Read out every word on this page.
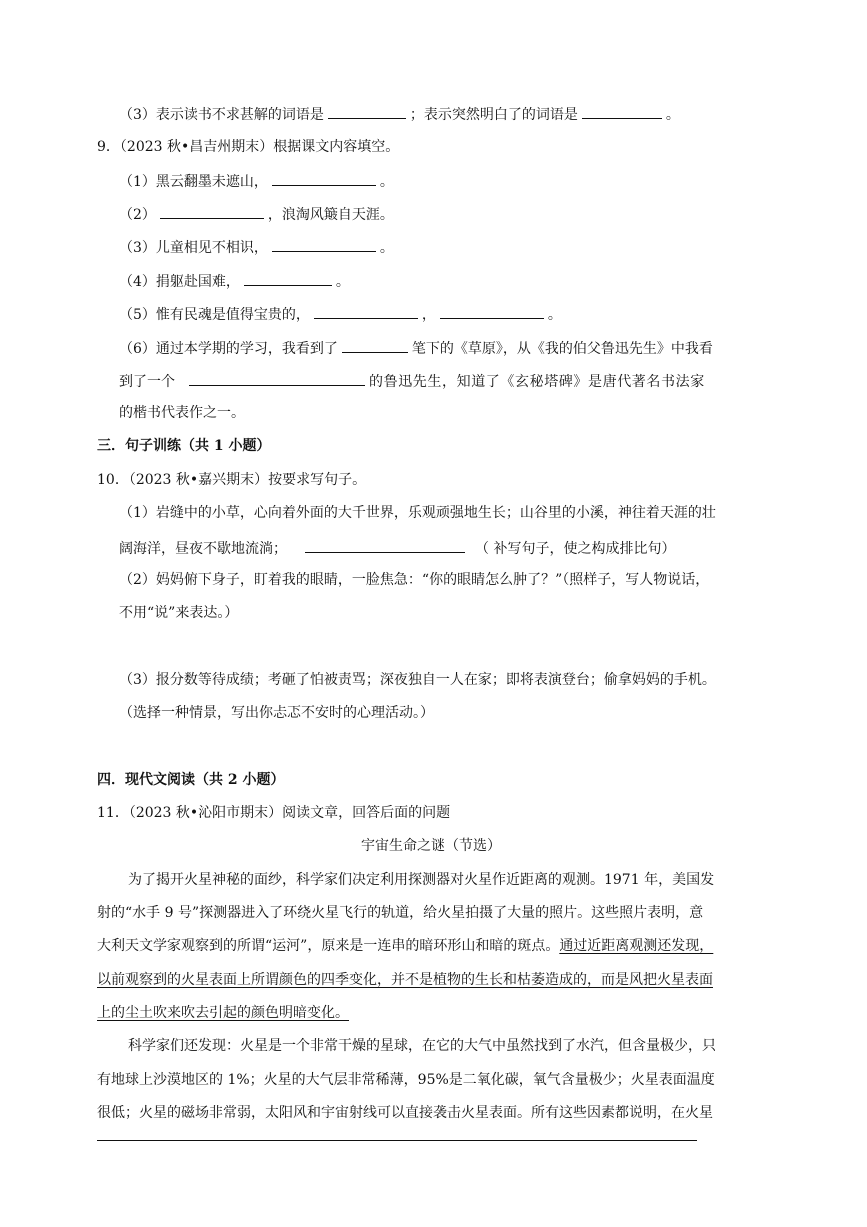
（3）表示读书不求甚解的词语是	；表示突然明白了的词语是	。
9．（2023 秋•昌吉州期末）根据课文内容填空。
（1）黑云翻墨未遮山，	。
（2）	，浪淘风簸自天涯。
（3）儿童相见不相识，	。
（4）捐躯赴国难，	。
（5）惟有民魂是值得宝贵的，	，	。
（6）通过本学期的学习，我看到了	笔下的《草原》，从《我的伯父鲁迅先生》中我看
到了一个	的鲁迅先生，知道了《玄秘塔碑》是唐代著名书法家
的楷书代表作之一。
三．句子训练（共 1 小题）
10．（2023 秋•嘉兴期末）按要求写句子。
（1）岩缝中的小草，心向着外面的大千世界，乐观顽强地生长；山谷里的小溪，神往着天涯的壮
阔海洋，昼夜不歇地流淌；	（ 补写句子，使之构成排比句）
（2）妈妈俯下身子，盯着我的眼睛，一脸焦急：“你的眼睛怎么肿了？”（照样子，写人物说话，
不用“说”来表达。）
（3）报分数等待成绩；考砸了怕被责骂；深夜独自一人在家；即将表演登台；偷拿妈妈的手机。
（选择一种情景，写出你忐忑不安时的心理活动。）
四．现代文阅读（共 2 小题）
11．（2023 秋•沁阳市期末）阅读文章，回答后面的问题
宇宙生命之谜（节选）
为了揭开火星神秘的面纱，科学家们决定利用探测器对火星作近距离的观测。1971 年，美国发
射的“水手 9 号”探测器进入了环绕火星飞行的轨道，给火星拍摄了大量的照片。这些照片表明，意
大利天文学家观察到的所谓“运河”，原来是一连串的暗环形山和暗的斑点。通过近距离观测还发现，
以前观察到的火星表面上所谓颜色的四季变化，并不是植物的生长和枯萎造成的，而是风把火星表面
上的尘土吹来吹去引起的颜色明暗变化。
科学家们还发现：火星是一个非常干燥的星球，在它的大气中虽然找到了水汽，但含量极少，只
有地球上沙漠地区的 1%；火星的大气层非常稀薄，95%是二氧化碳，氧气含量极少；火星表面温度
很低；火星的磁场非常弱，太阳风和宇宙射线可以直接袭击火星表面。所有这些因素都说明，在火星
